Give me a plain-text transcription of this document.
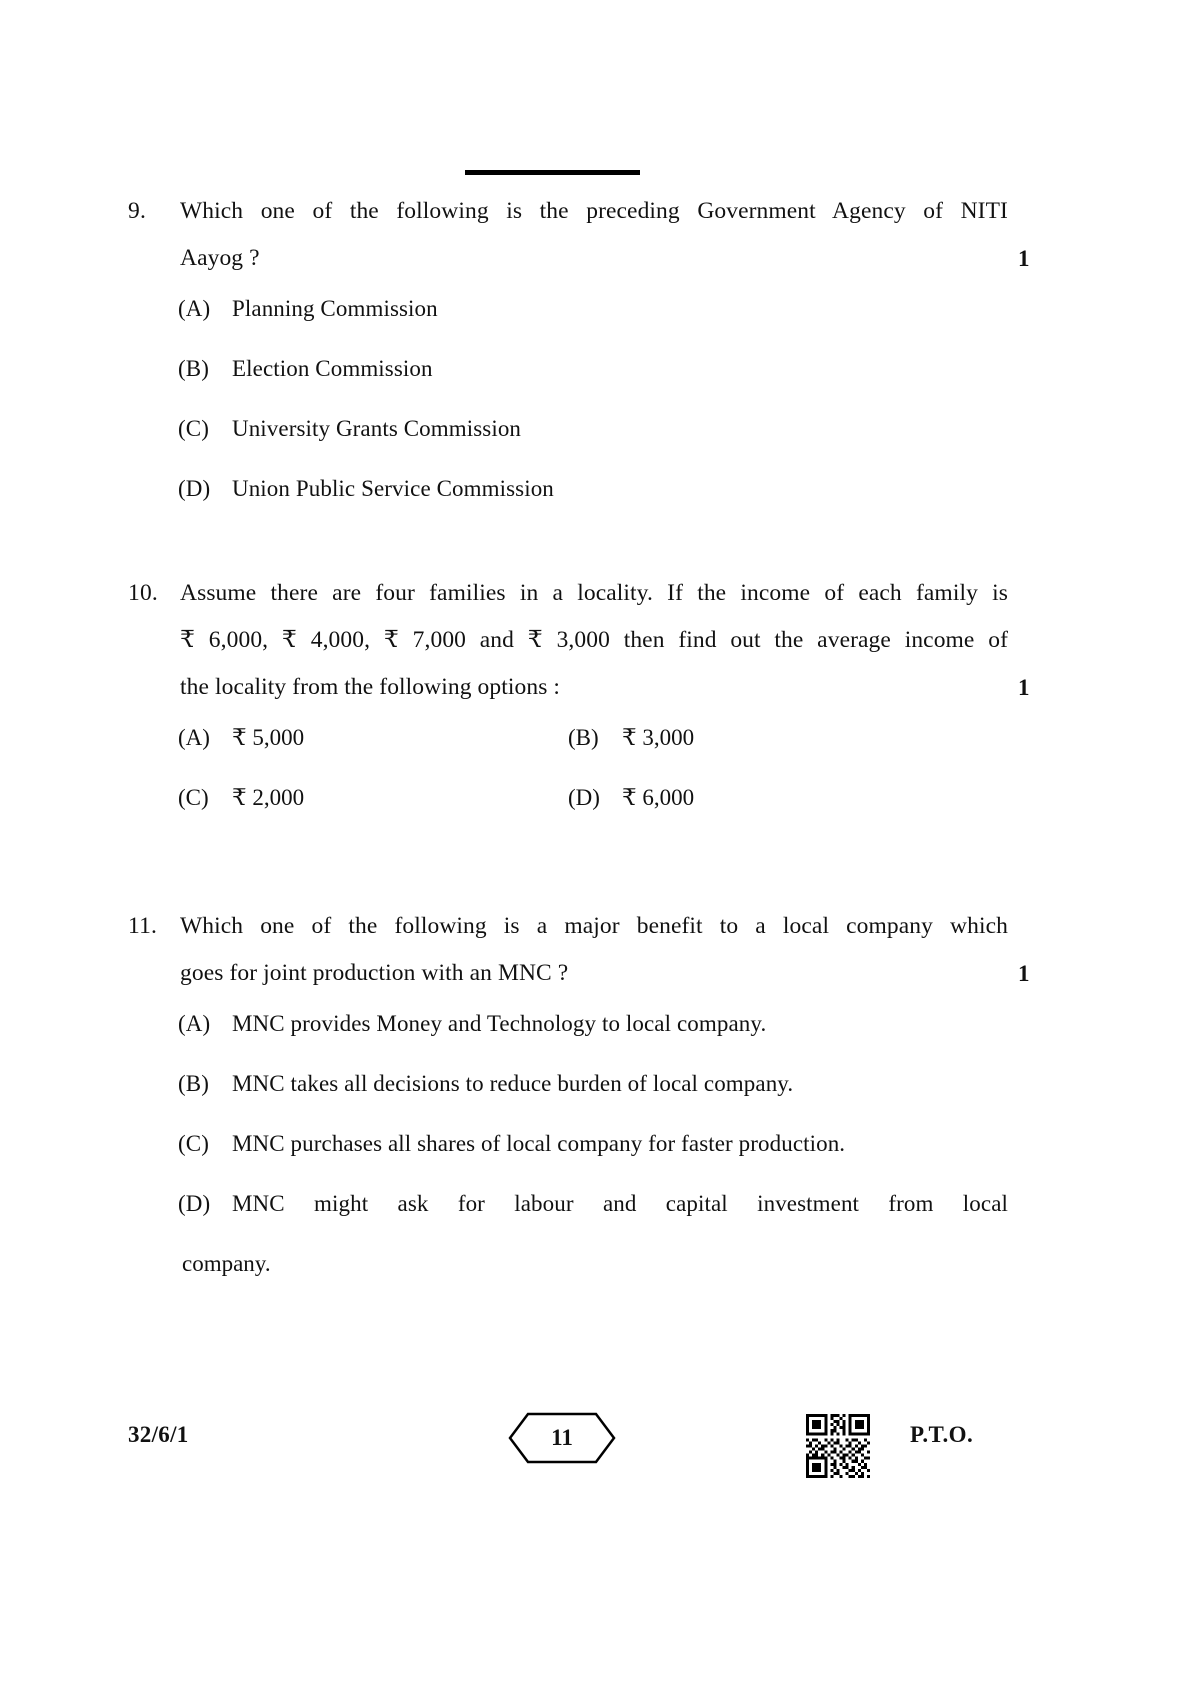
9.	Which one of the following is the preceding Government Agency of NITI
Aayog ?	1
(A) Planning Commission
(B)	Election Commission
(C)	University Grants Commission
(D) Union Public Service Commission
10. Assume there are four families in a locality. If the income of each family is
₹ 6,000, ₹ 4,000, ₹ 7,000 and ₹ 3,000 then find out the average income of
the locality from the following options :	1
(A) ₹ 5,000	(B)	₹ 3,000
(C)	₹ 2,000	(D) ₹ 6,000
11. Which one of the following is a major benefit to a local company which
goes for joint production with an MNC ?	1
(A) MNC provides Money and Technology to local company.
(B)	MNC takes all decisions to reduce burden of local company.
(C)	MNC purchases all shares of local company for faster production.
(D) MNC might ask for labour and capital investment from local
company.
32/6/1	11	P.T.O.
